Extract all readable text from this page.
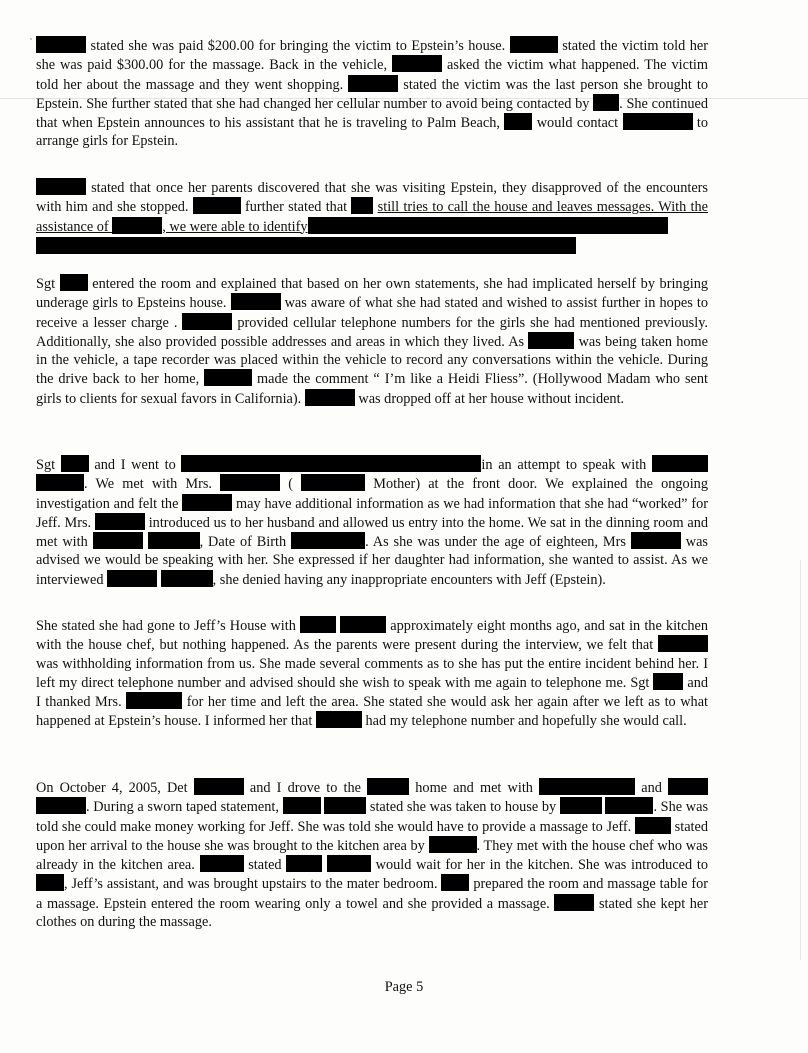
stated she was paid $200.00 for bringing the victim to Epstein’s house.	stated the victim told her she was paid $300.00 for the massage. Back in the vehicle,	asked the victim what happened. The victim told her about the massage and they went shopping.	stated the victim was the last person she brought to Epstein. She further stated that she had changed her cellular number to avoid being contacted by . She continued that when Epstein announces to his assistant that he is traveling to Palm Beach,  would contact	to arrange girls for Epstein.

stated that once her parents discovered that she was visiting Epstein, they disapproved of the encounters with him and she stopped.	further stated that  still tries to call the house and leaves messages. With the assistance of	, we were able to identify

Sgt  entered the room and explained that based on her own statements, she had implicated herself by bringing underage girls to Epsteins house.	was aware of what she had stated and wished to assist further in hopes to receive a lesser charge .	provided cellular telephone numbers for the girls she had mentioned previously. Additionally, she also provided possible addresses and areas in which they lived. As	was being taken home in the vehicle, a tape recorder was placed within the vehicle to record any conversations within the vehicle. During the drive back to her home,	made the comment “ I’m like a Heidi Fliess”. (Hollywood Madam who sent girls to clients for sexual favors in California).	was dropped off at her house without incident.

Sgt  and I went to	in an attempt to speak with  . We met with Mrs.	(	Mother) at the front door. We explained the ongoing investigation and felt the	may have additional information as we had information that she had “worked” for Jeff. Mrs.	introduced us to her husband and allowed us entry into the home. We sat in the dinning room and met with	, Date of Birth	. As she was under the age of eighteen, Mrs	was advised we would be speaking with her. She expressed if her daughter had information, she wanted to assist. As we interviewed	, she denied having any inappropriate encounters with Jeff (Epstein).

She stated she had gone to Jeff’s House with	approximately eight months ago, and sat in the kitchen with the house chef, but nothing happened. As the parents were present during the interview, we felt that  was withholding information from us. She made several comments as to she has put the entire incident behind her. I left my direct telephone number and advised should she wish to speak with me again to telephone me. Sgt  and I thanked Mrs.	for her time and left the area. She stated she would ask her again after we left as to what happened at Epstein’s house. I informed her that	had my telephone number and hopefully she would call.

On October 4, 2005, Det	and I drove to the	home and met with	and  . During a sworn taped statement,	stated she was taken to house by	. She was told she could make money working for Jeff. She was told she would have to provide a massage to Jeff.	stated upon her arrival to the house she was brought to the kitchen area by	. They met with the house chef who was already in the kitchen area.	stated	would wait for her in the kitchen. She was introduced to , Jeff’s assistant, and was brought upstairs to the mater bedroom.  prepared the room and massage table for a massage. Epstein entered the room wearing only a towel and she provided a massage.	stated she kept her clothes on during the massage.

Page 5
